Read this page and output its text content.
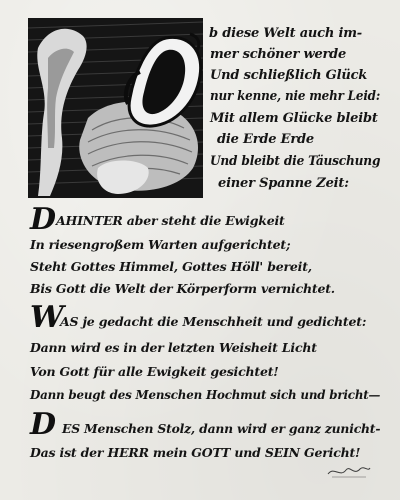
b diese Welt auch im-
mer schöner werde
Und schließlich Glück
nur kenne, nie mehr Leid:
Mit allem Glücke bleibt
die Erde Erde
Und bleibt die Täuschung
einer Spanne Zeit:
D AHINTER aber steht die Ewigkeit
In riesengroßem Warten aufgerichtet;
Steht Gottes Himmel, Gottes Höll' bereit,
Bis Gott die Welt der Körperform vernichtet.
W
AS je gedacht die Menschheit und gedichtet:
Dann wird es in der letzten Weisheit Licht
Von Gott für alle Ewigkeit gesichtet!
Dann beugt des Menschen Hochmut sich und bricht—
D ES Menschen Stolz, dann wird er ganz zunicht-
Das ist der HERR mein GOTT und SEIN Gericht!
